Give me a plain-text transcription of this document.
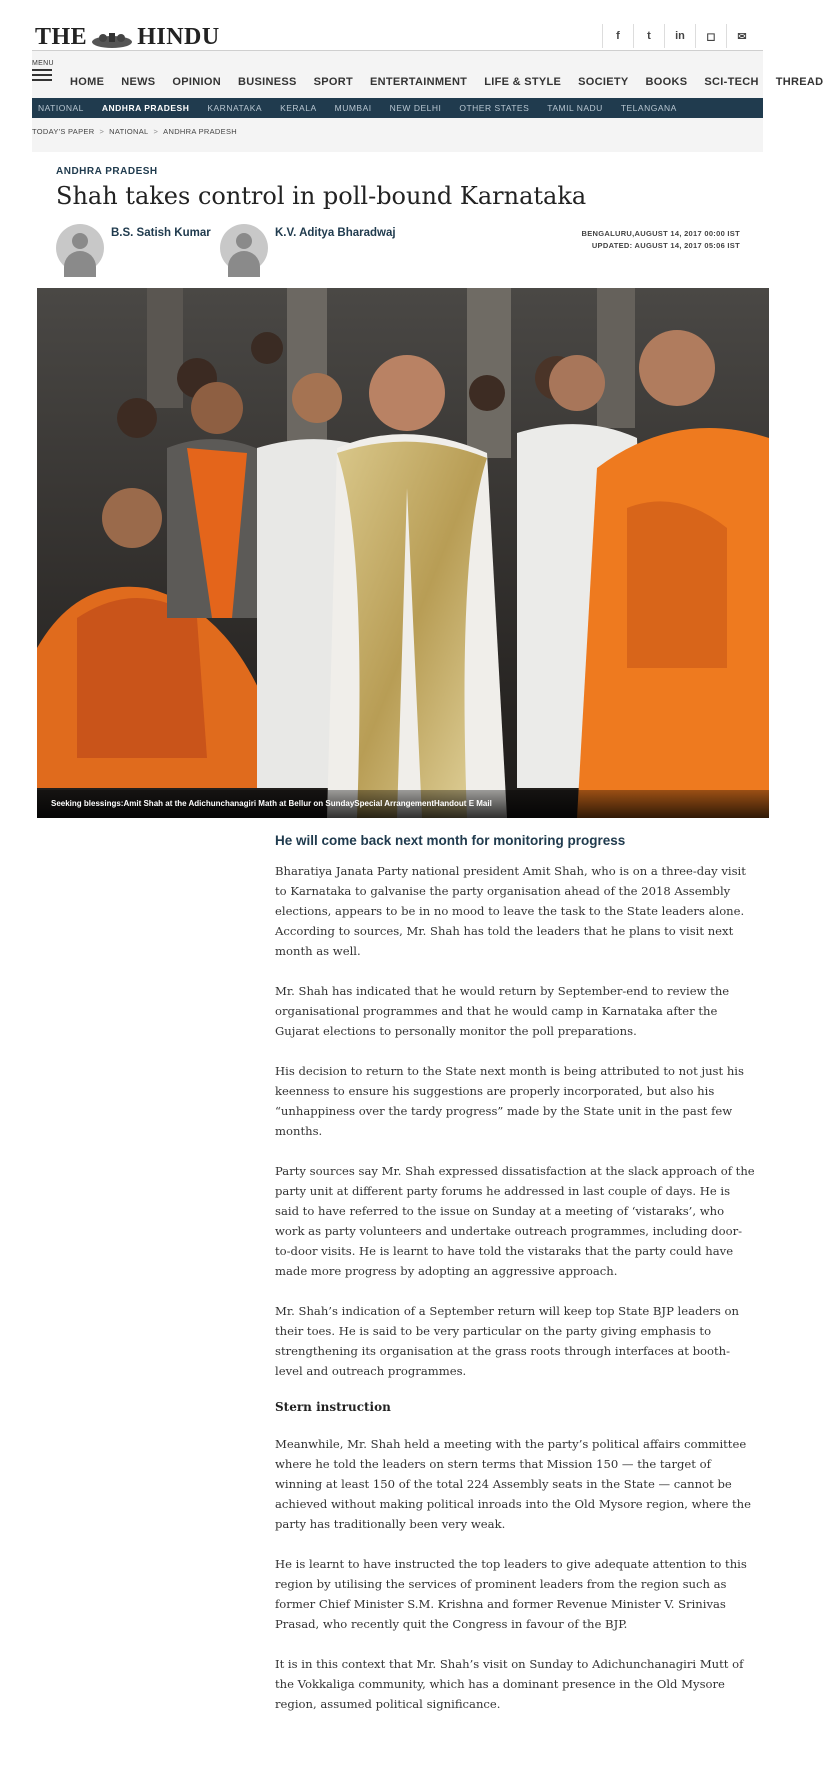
THE HINDU	f	t	in	◻	✉
MENU
HOME NEWS OPINION BUSINESS SPORT ENTERTAINMENT LIFE & STYLE SOCIETY BOOKS SCI-TECH THREAD
NATIONAL	ANDHRA PRADESH	KARNATAKA	KERALA	MUMBAI	NEW DELHI	OTHER STATES	TAMIL NADU	TELANGANA
TODAY'S PAPER > NATIONAL > ANDHRA PRADESH
ANDHRA PRADESH
Shah takes control in poll-bound Karnataka
B.S. Satish Kumar	K.V. Aditya Bharadwaj	BENGALURU,AUGUST 14, 2017 00:00 IST
UPDATED: AUGUST 14, 2017 05:06 IST
Seeking blessings:Amit Shah at the Adichunchanagiri Math at Bellur on SundaySpecial ArrangementHandout E Mail
He will come back next month for monitoring progress

Bharatiya Janata Party national president Amit Shah, who is on a three-day visit to Karnataka to galvanise the party organisation ahead of the 2018 Assembly elections, appears to be in no mood to leave the task to the State leaders alone. According to sources, Mr. Shah has told the leaders that he plans to visit next month as well.

Mr. Shah has indicated that he would return by September-end to review the organisational programmes and that he would camp in Karnataka after the Gujarat elections to personally monitor the poll preparations.

His decision to return to the State next month is being attributed to not just his keenness to ensure his suggestions are properly incorporated, but also his “unhappiness over the tardy progress” made by the State unit in the past few months.

Party sources say Mr. Shah expressed dissatisfaction at the slack approach of the party unit at different party forums he addressed in last couple of days. He is said to have referred to the issue on Sunday at a meeting of ‘vistaraks’, who work as party volunteers and undertake outreach programmes, including door-to-door visits. He is learnt to have told the vistaraks that the party could have made more progress by adopting an aggressive approach.

Mr. Shah’s indication of a September return will keep top State BJP leaders on their toes. He is said to be very particular on the party giving emphasis to strengthening its organisation at the grass roots through interfaces at booth-level and outreach programmes.

Stern instruction

Meanwhile, Mr. Shah held a meeting with the party’s political affairs committee where he told the leaders on stern terms that Mission 150 — the target of winning at least 150 of the total 224 Assembly seats in the State — cannot be achieved without making political inroads into the Old Mysore region, where the party has traditionally been very weak.

He is learnt to have instructed the top leaders to give adequate attention to this region by utilising the services of prominent leaders from the region such as former Chief Minister S.M. Krishna and former Revenue Minister V. Srinivas Prasad, who recently quit the Congress in favour of the BJP.

It is in this context that Mr. Shah’s visit on Sunday to Adichunchanagiri Mutt of the Vokkaliga community, which has a dominant presence in the Old Mysore region, assumed political significance.
